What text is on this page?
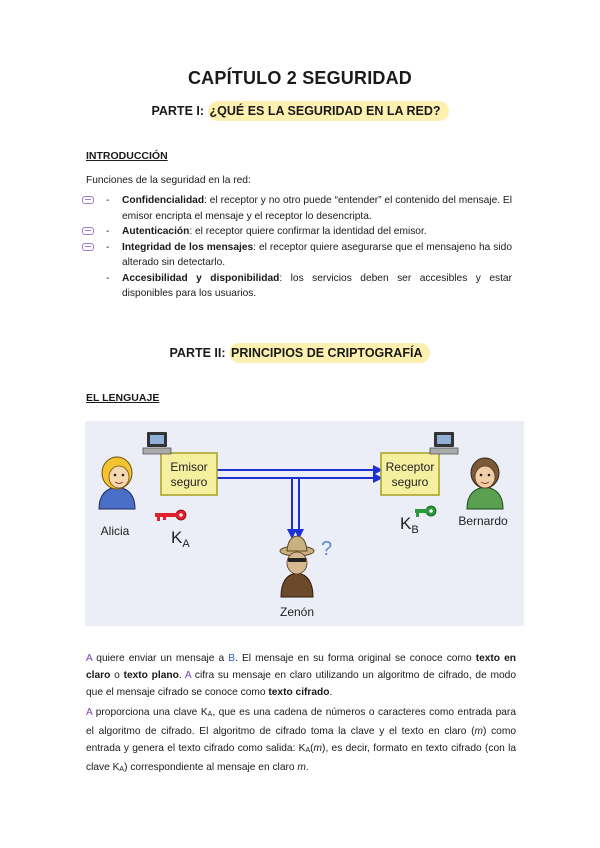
CAPÍTULO 2 SEGURIDAD
PARTE I: ¿QUÉ ES LA SEGURIDAD EN LA RED?
INTRODUCCIÓN
Funciones de la seguridad en la red:
- Confidencialidad: el receptor y no otro puede “entender” el contenido del mensaje. El emisor encripta el mensaje y el receptor lo desencripta.
- Autenticación: el receptor quiere confirmar la identidad del emisor.
- Integridad de los mensajes: el receptor quiere asegurarse que el mensajeno ha sido alterado sin detectarlo.
- Accesibilidad y disponibilidad: los servicios deben ser accesibles y estar disponibles para los usuarios.
PARTE II: PRINCIPIOS DE CRIPTOGRAFÍA
EL LENGUAJE
Emisor
seguro
Receptor
seguro
Alicia $K_A$
Bernardo
$K_B$
?
Zenón
A quiere enviar un mensaje a B. El mensaje en su forma original se conoce como texto en claro o texto plano. A cifra su mensaje en claro utilizando un algoritmo de cifrado, de modo que el mensaje cifrado se conoce como texto cifrado.
A proporciona una clave KA, que es una cadena de números o caracteres como entrada para el algoritmo de cifrado. El algoritmo de cifrado toma la clave y el texto en claro (m) como entrada y genera el texto cifrado como salida: KA(m), es decir, formato en texto cifrado (con la clave KA) correspondiente al mensaje en claro m.
